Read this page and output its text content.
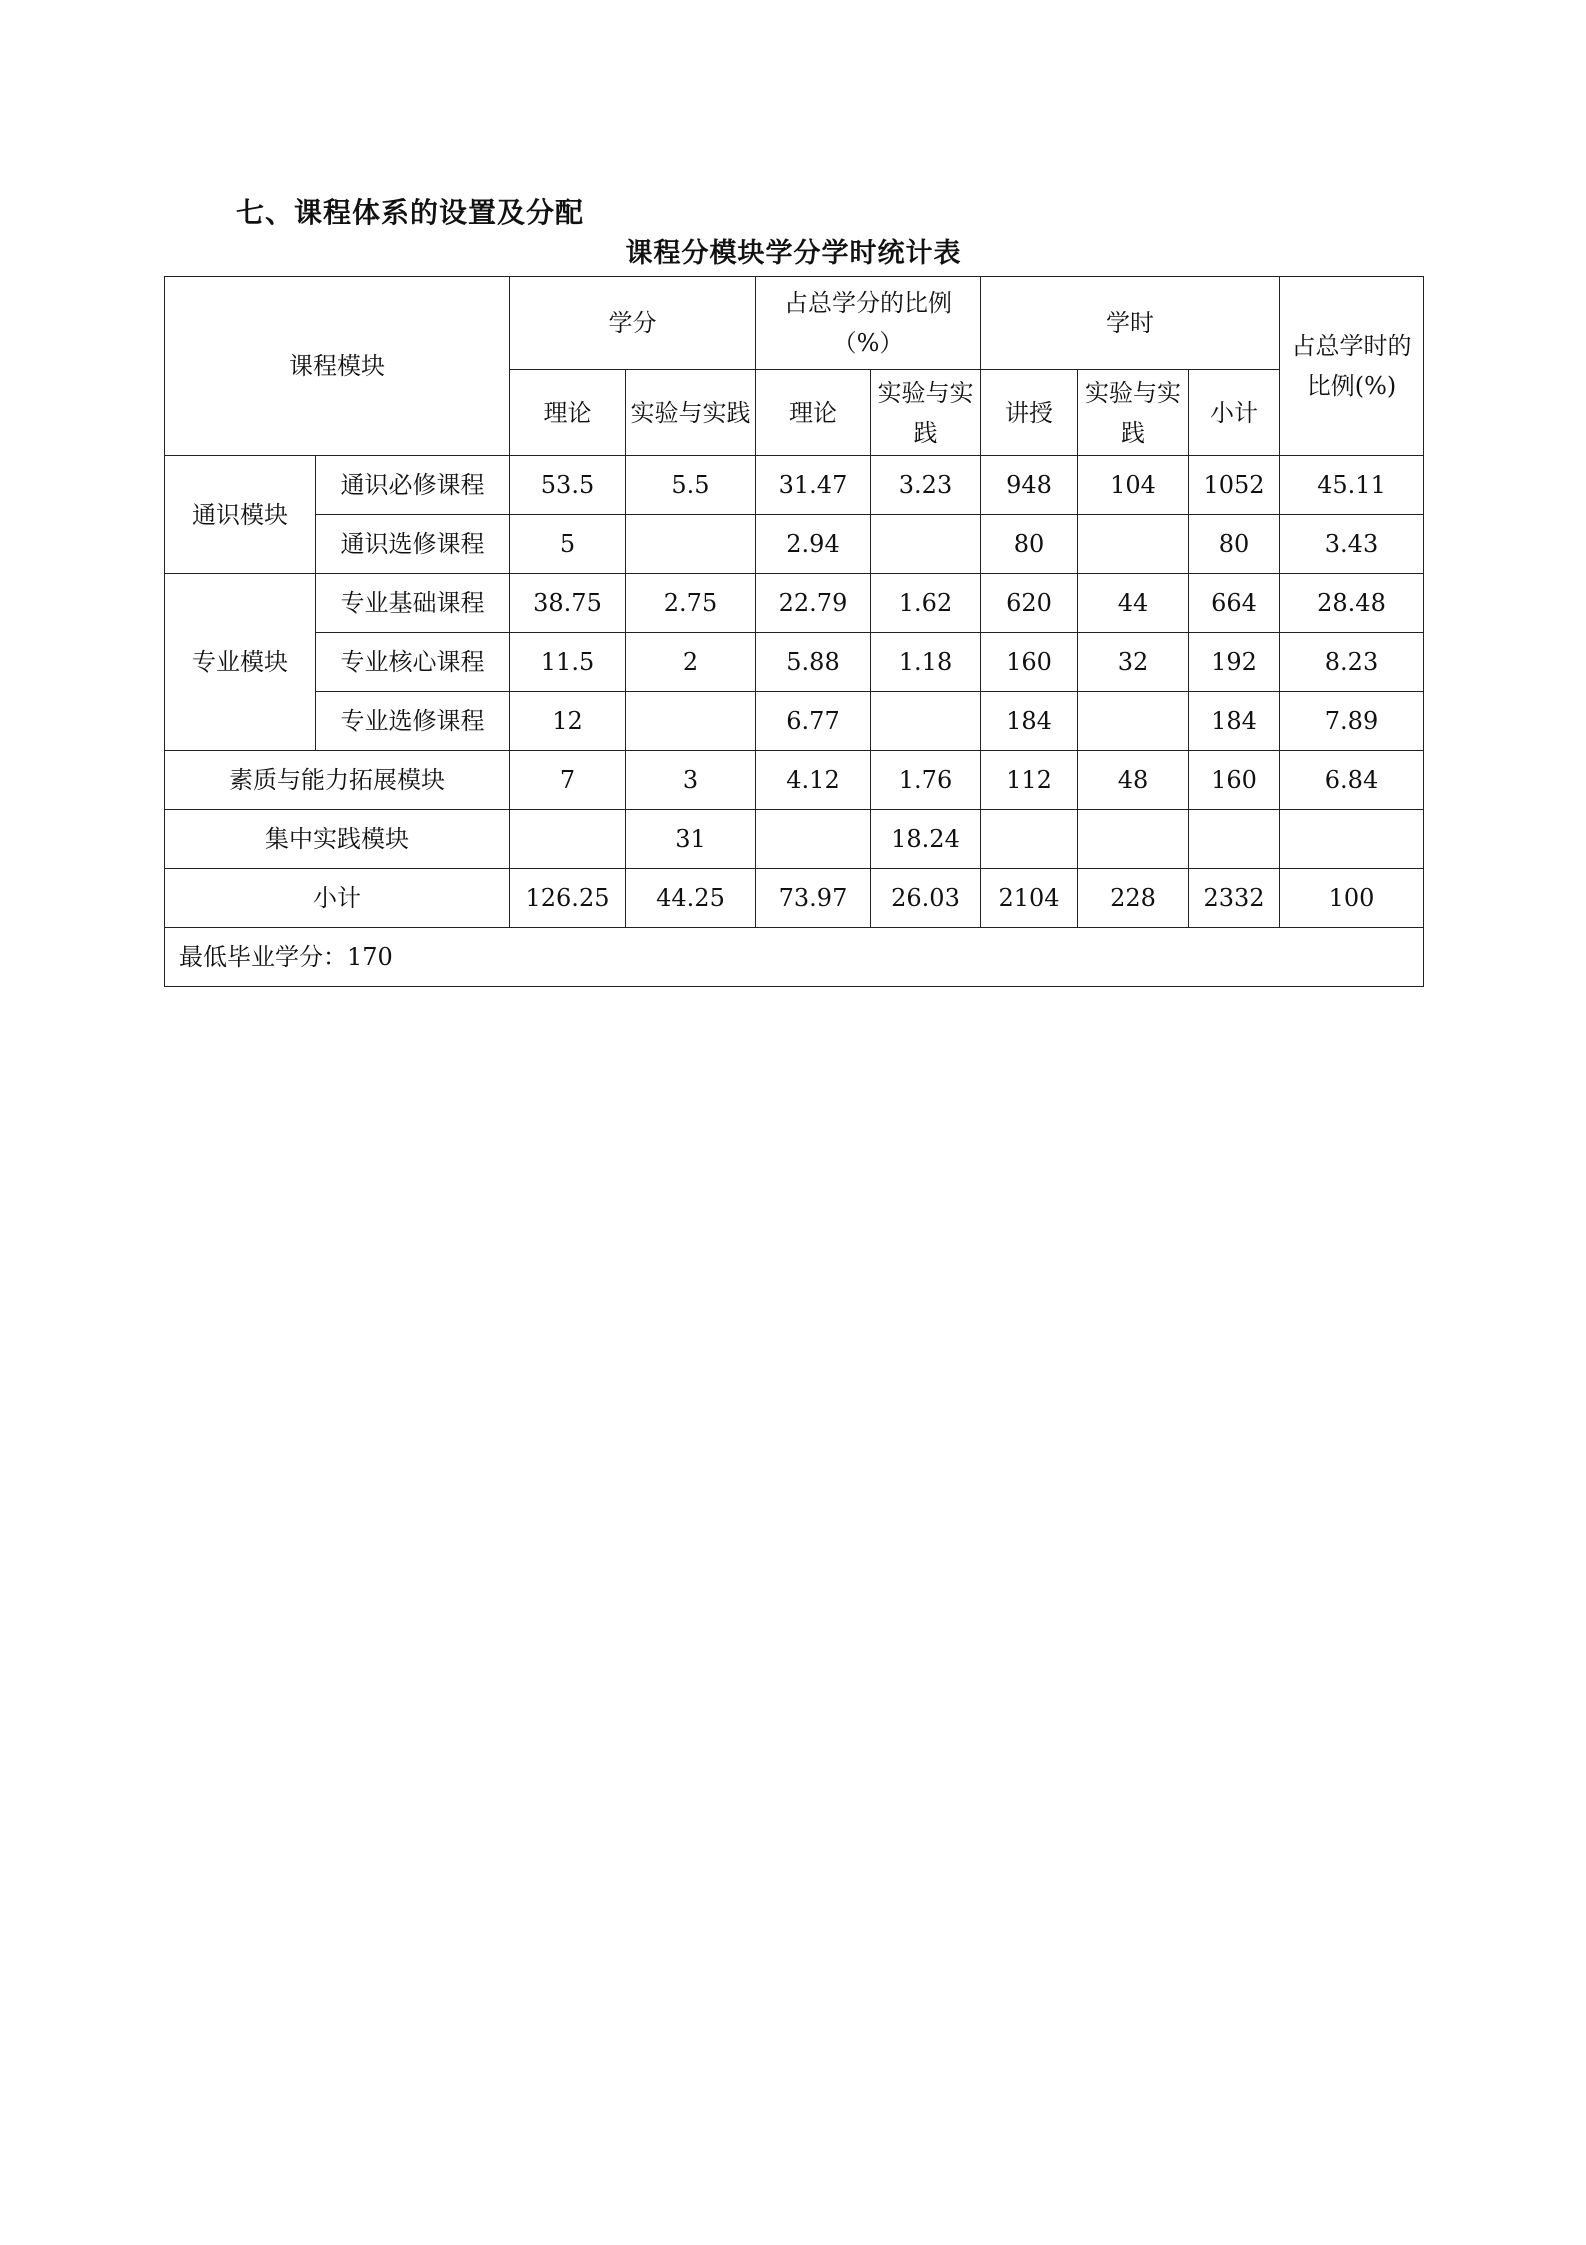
七、课程体系的设置及分配
课程分模块学分学时统计表
课程模块		学分		占总学分的比例（%）		学时			占总学时的比例(%)
		理论	实验与实践	理论	实验与实践	讲授	实验与实践	小计	
通识模块	通识必修课程	53.5	5.5	31.47	3.23	948	104	1052	45.11
	通识选修课程	5		2.94		80		80	3.43
专业模块	专业基础课程	38.75	2.75	22.79	1.62	620	44	664	28.48
	专业核心课程	11.5	2	5.88	1.18	160	32	192	8.23
	专业选修课程	12		6.77		184		184	7.89
素质与能力拓展模块		7	3	4.12	1.76	112	48	160	6.84
集中实践模块			31		18.24				
小计		126.25	44.25	73.97	26.03	2104	228	2332	100
最低毕业学分：170									
